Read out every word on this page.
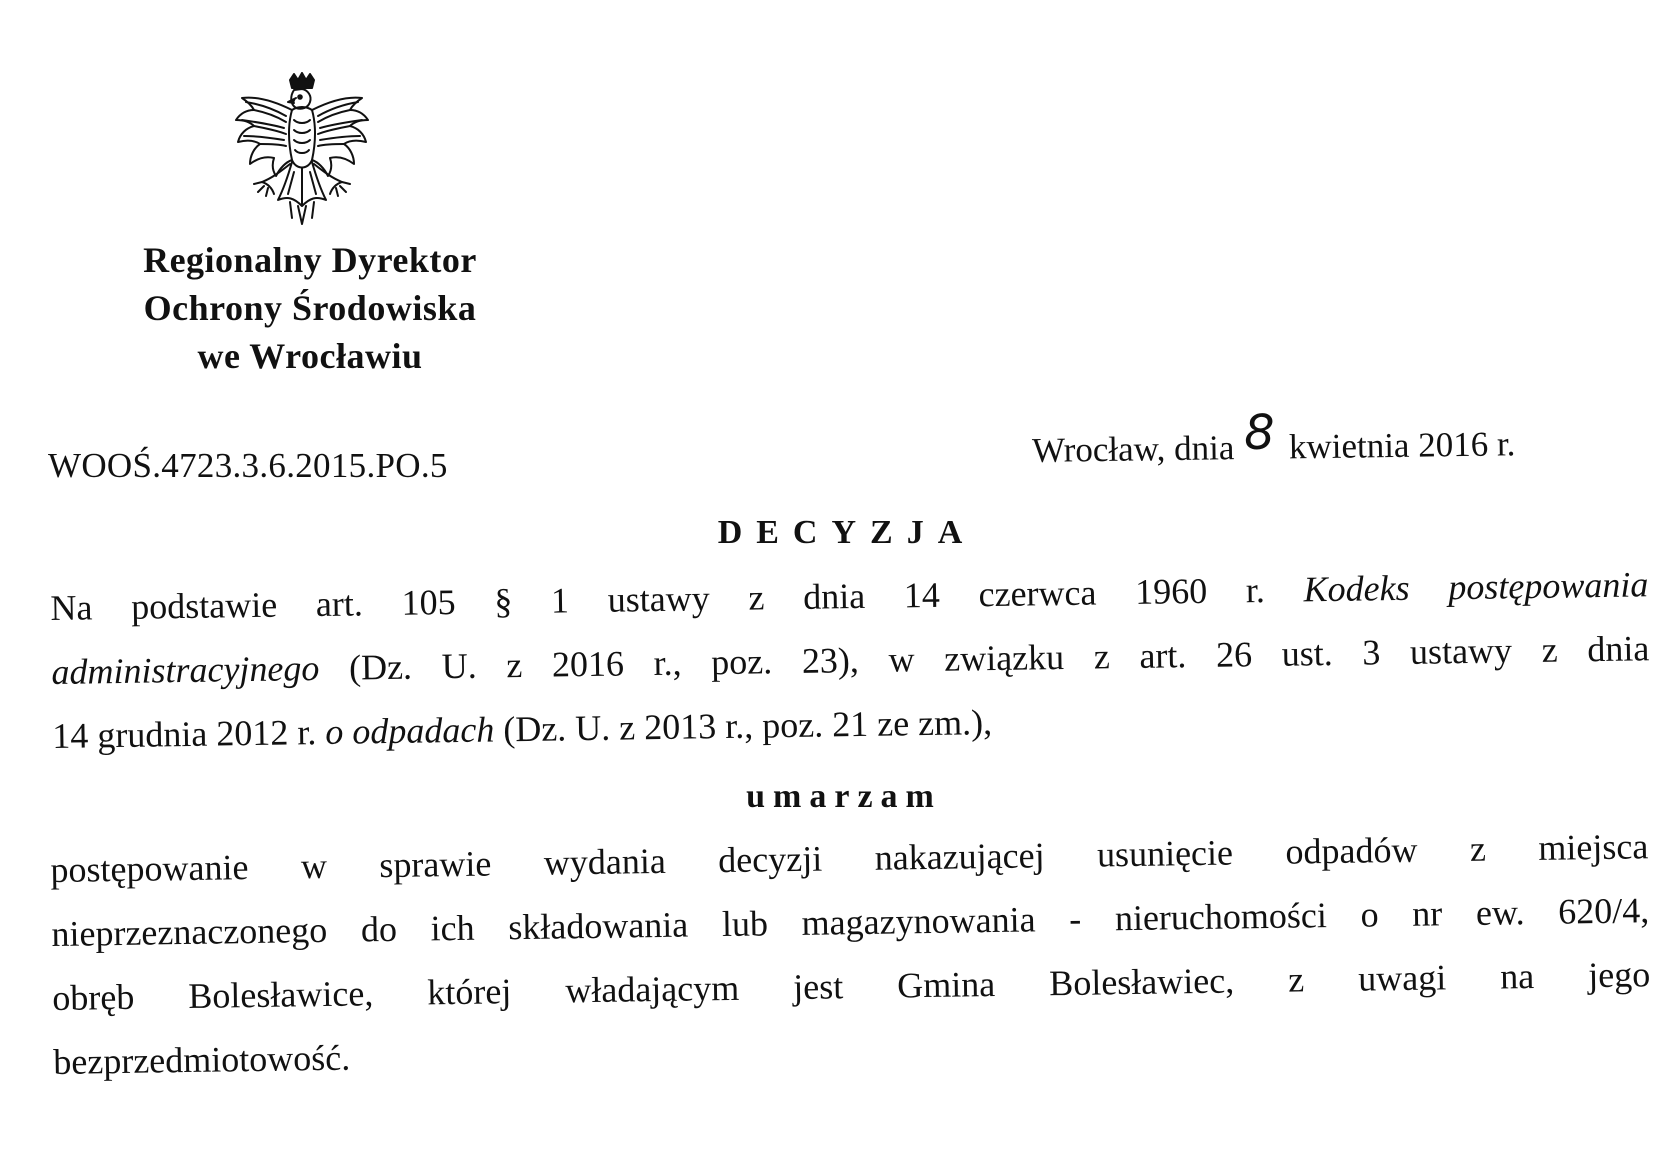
Regionalny Dyrektor
Ochrony Środowiska
we Wrocławiu
WOOŚ.4723.3.6.2015.PO.5	Wrocław, dnia 8 kwietnia 2016 r.
DECYZJA
Na podstawie art. 105 § 1 ustawy z dnia 14 czerwca 1960 r. Kodeks postępowania
administracyjnego (Dz. U. z 2016 r., poz. 23), w związku z art. 26 ust. 3 ustawy z dnia
14 grudnia 2012 r. o odpadach (Dz. U. z 2013 r., poz. 21 ze zm.),
umarzam
postępowanie w sprawie wydania decyzji nakazującej usunięcie odpadów z miejsca
nieprzeznaczonego do ich składowania lub magazynowania - nieruchomości o nr ew. 620/4,
obręb Bolesławice, której władającym jest Gmina Bolesławiec, z uwagi na jego
bezprzedmiotowość.
